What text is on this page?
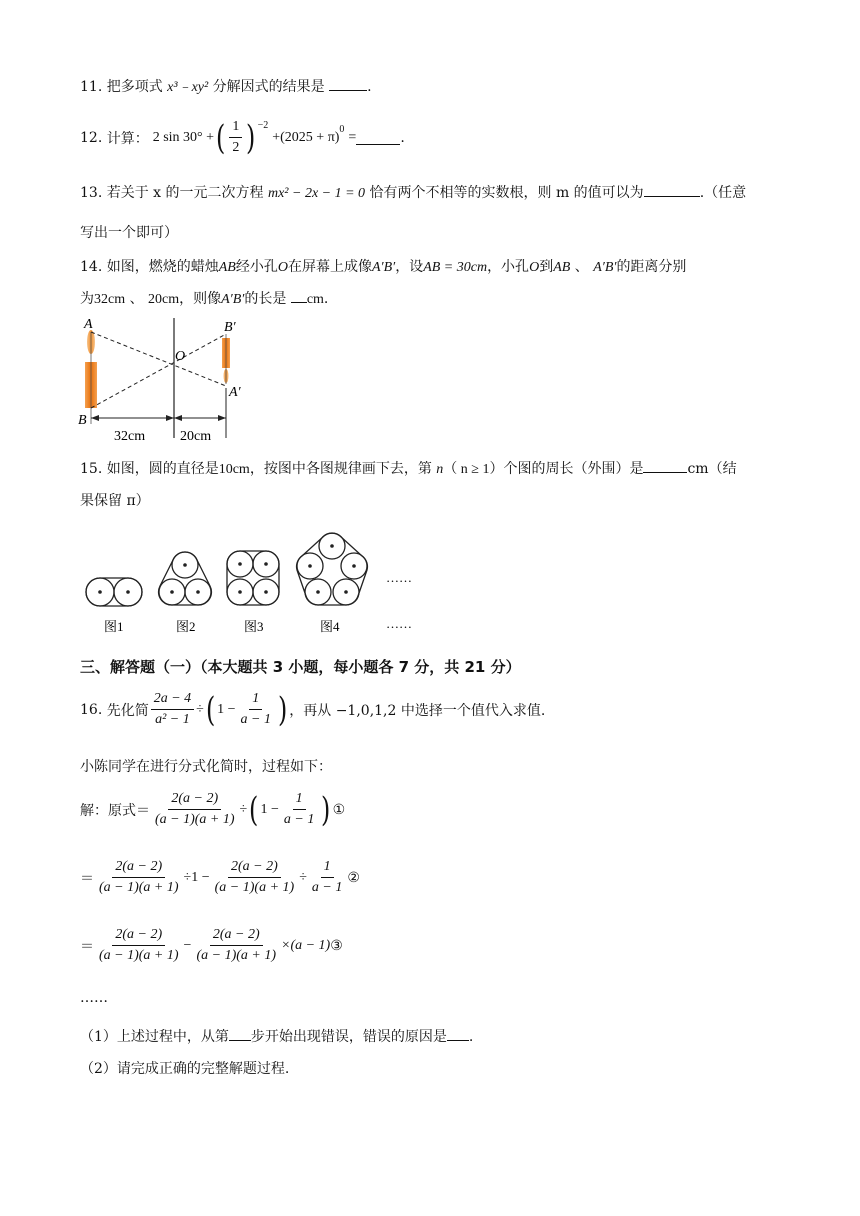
11. 把多项式 x³﹣xy² 分解因式的结果是	.
12.
计算： 2 sin 30° + ( $\frac{1}{2} )^{-2}$
$+(2025 + \pi)^0$ =	.
13. 若关于 x 的一元二次方程 mx² − 2x − 1 = 0 恰有两个不相等的实数根，则 m 的值可以为	.（任意
写出一个即可）
14. 如图，燃烧的蜡烛AB经小孔O在屏幕上成像A′B′，设AB = 30cm，小孔O到AB 、 A′B′的距离分别
为32cm 、 20cm，则像A′B′的长是 cm.
A
B
O
B′
A′
32cm 20cm
15. 如图，圆的直径是10cm，按图中各图规律画下去，第 n（ n ≥ 1）个图的周长（外围）是	cm（结
果保留 π）
……
图1	图2	图3	图4	……
三、解答题（一）（本大题共 3 小题，每小题各 7 分，共 21 分）
16.
先化简 $\frac{2a - 4}{\text{a² − 1}}$ ÷ ( $1 - \frac{1}{a - 1}$ ) ，再从 −1,0,1,2 中选择一个值代入求值.
小陈同学在进行分式化简时，过程如下：
解：原式＝ $\frac{2(a - 2)}{(a - 1)(a + 1)}$ ÷ ( $1 - \frac{1}{a - 1}$ ) ①
＝ $\frac{2(a - 2)}{(a - 1)(a + 1)} \div 1 - \frac{2(a - 2)}{(a - 1)(a + 1)} \div \frac{1}{a - 1}$ ②
＝ $\frac{2(a - 2)}{(a - 1)(a + 1)} - \frac{2(a - 2)}{(a - 1)(a + 1)} \times(a - 1)$ ③
……
（1）上述过程中，从第 步开始出现错误，错误的原因是 .
（2）请完成正确的完整解题过程.
